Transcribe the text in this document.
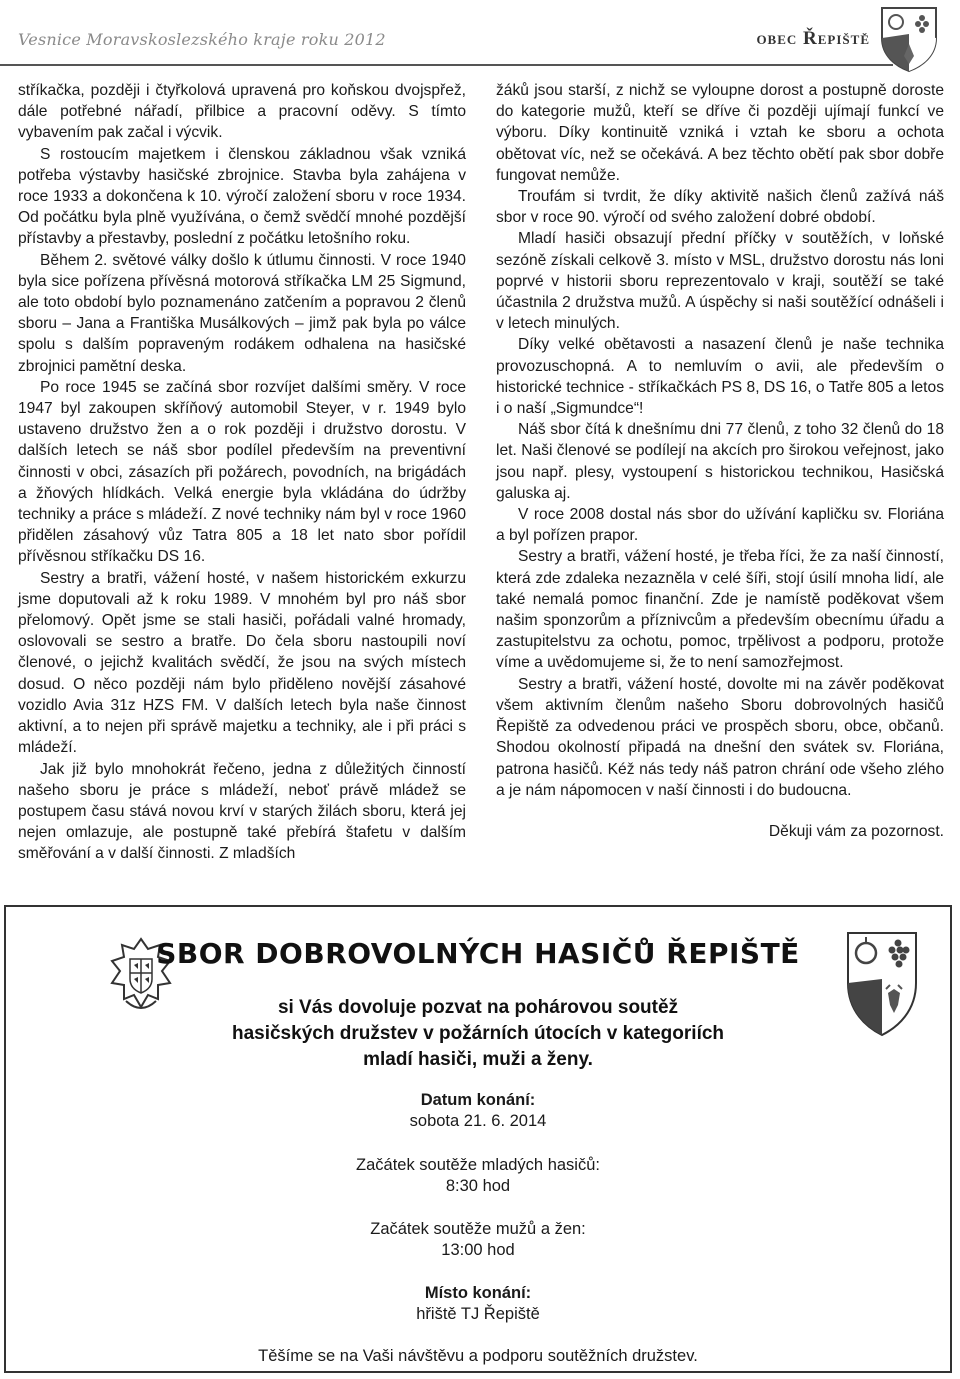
Vesnice Moravskoslezského kraje roku 2012	obec Řepiště

stříkačka, později i čtyřkolová upravená pro koňskou dvojspřež, dále potřebné nářadí, přilbice a pracovní oděvy. S tímto vybavením pak začal i výcvik.

S rostoucím majetkem i členskou základnou však vzniká potřeba výstavby hasičské zbrojnice. Stavba byla zahájena v roce 1933 a dokončena k 10. výročí založení sboru v roce 1934. Od počátku byla plně využívána, o čemž svědčí mnohé pozdější přístavby a přestavby, poslední z počátku letošního roku.

Během 2. světové války došlo k útlumu činnosti. V roce 1940 byla sice pořízena přívěsná motorová stříkačka LM 25 Sigmund, ale toto období bylo poznamenáno zatčením a popravou 2 členů sboru – Jana a Františka Musálkových – jimž pak byla po válce spolu s dalším popraveným rodákem odhalena na hasičské zbrojnici pamětní deska.

Po roce 1945 se začíná sbor rozvíjet dalšími směry. V roce 1947 byl zakoupen skříňový automobil Steyer, v r. 1949 bylo ustaveno družstvo žen a o rok později i družstvo dorostu. V dalších letech se náš sbor podílel především na preventivní činnosti v obci, zásazích při požárech, povodních, na brigádách a žňových hlídkách. Velká energie byla vkládána do údržby techniky a práce s mládeží. Z nové techniky nám byl v roce 1960 přidělen zásahový vůz Tatra 805 a 18 let nato sbor pořídil přívěsnou stříkačku DS 16.

Sestry a bratři, vážení hosté, v našem historickém exkurzu jsme doputovali až k roku 1989. V mnohém byl pro náš sbor přelomový. Opět jsme se stali hasiči, pořádali valné hromady, oslovovali se sestro a bratře. Do čela sboru nastoupili noví členové, o jejichž kvalitách svědčí, že jsou na svých místech dosud. O něco později nám bylo přiděleno novější zásahové vozidlo Avia 31z HZS FM. V dalších letech byla naše činnost aktivní, a to nejen při správě majetku a techniky, ale i při práci s mládeží.

Jak již bylo mnohokrát řečeno, jedna z důležitých činností našeho sboru je práce s mládeží, neboť právě mládež se postupem času stává novou krví v starých žilách sboru, která jej nejen omlazuje, ale postupně také přebírá štafetu v dalším směřování a v další činnosti. Z mladších

žáků jsou starší, z nichž se vyloupne dorost a postupně doroste do kategorie mužů, kteří se dříve či později ujímají funkcí ve výboru. Díky kontinuitě vzniká i vztah ke sboru a ochota obětovat víc, než se očekává. A bez těchto obětí pak sbor dobře fungovat nemůže.

Troufám si tvrdit, že díky aktivitě našich členů zažívá náš sbor v roce 90. výročí od svého založení dobré období.

Mladí hasiči obsazují přední příčky v soutěžích, v loňské sezóně získali celkově 3. místo v MSL, družstvo dorostu nás loni poprvé v historii sboru reprezentovalo v kraji, soutěží se také účastnila 2 družstva mužů. A úspěchy si naši soutěžící odnášeli i v letech minulých.

Díky velké obětavosti a nasazení členů je naše technika provozuschopná. A to nemluvím o avii, ale především o historické technice - stříkačkách PS 8, DS 16, o Tatře 805 a letos i o naší „Sigmundce“!

Náš sbor čítá k dnešnímu dni 77 členů, z toho 32 členů do 18 let. Naši členové se podílejí na akcích pro širokou veřejnost, jako jsou např. plesy, vystoupení s historickou technikou, Hasičská galuska aj.

V roce 2008 dostal nás sbor do užívání kapličku sv. Floriána a byl pořízen prapor.

Sestry a bratři, vážení hosté, je třeba říci, že za naší činností, která zde zdaleka nezazněla v celé šíři, stojí úsilí mnoha lidí, ale také nemalá pomoc finanční. Zde je namístě poděkovat všem našim sponzorům a příznivcům a především obecnímu úřadu a zastupitelstvu za ochotu, pomoc, trpělivost a podporu, protože víme a uvědomujeme si, že to není samozřejmost.

Sestry a bratři, vážení hosté, dovolte mi na závěr poděkovat všem aktivním členům našeho Sboru dobrovolných hasičů Řepiště za odvedenou práci ve prospěch sboru, obce, občanů. Shodou okolností připadá na dnešní den svátek sv. Floriána, patrona hasičů. Kéž nás tedy náš patron chrání ode všeho zlého a je nám nápomocen v naší činnosti i do budoucna.

Děkuji vám za pozornost.

SBOR DOBROVOLNÝCH HASIČŮ ŘEPIŠTĚ
si Vás dovoluje pozvat na pohárovou soutěž
hasičských družstev v požárních útocích v kategoriích
mladí hasiči, muži a ženy.
Datum konání:
sobota 21. 6. 2014
Začátek soutěže mladých hasičů:
8:30 hod
Začátek soutěže mužů a žen:
13:00 hod
Místo konání:
hřiště TJ Řepiště
Těšíme se na Vaši návštěvu a podporu soutěžních družstev.
